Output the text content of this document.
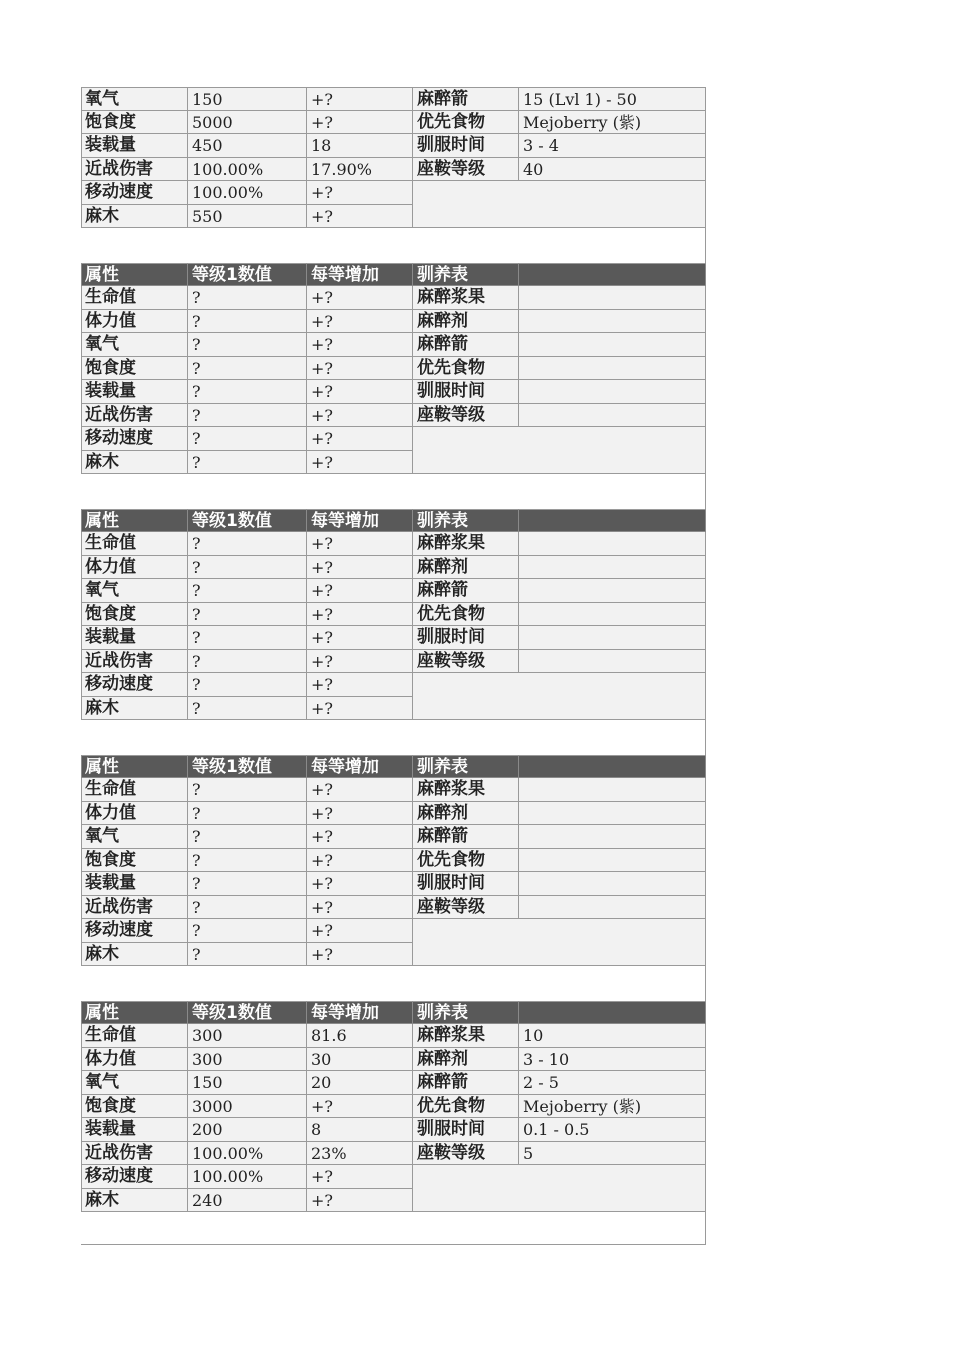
氧气	150	+?	麻醉箭	15 (Lvl 1) - 50
饱食度	5000	+?	优先食物	Mejoberry (紫)
装载量	450	18	驯服时间	3 - 4
近战伤害	100.00%	17.90%	座鞍等级	40
移动速度	100.00%	+?
麻木	550	+?
属性	等级1数值	每等增加	驯养表
生命值	?	+?	麻醉浆果
体力值	?	+?	麻醉剂
氧气	?	+?	麻醉箭
饱食度	?	+?	优先食物
装载量	?	+?	驯服时间
近战伤害	?	+?	座鞍等级
移动速度	?	+?
麻木	?	+?
属性	等级1数值	每等增加	驯养表
生命值	?	+?	麻醉浆果
体力值	?	+?	麻醉剂
氧气	?	+?	麻醉箭
饱食度	?	+?	优先食物
装载量	?	+?	驯服时间
近战伤害	?	+?	座鞍等级
移动速度	?	+?
麻木	?	+?
属性	等级1数值	每等增加	驯养表
生命值	?	+?	麻醉浆果
体力值	?	+?	麻醉剂
氧气	?	+?	麻醉箭
饱食度	?	+?	优先食物
装载量	?	+?	驯服时间
近战伤害	?	+?	座鞍等级
移动速度	?	+?
麻木	?	+?
属性	等级1数值	每等增加	驯养表
生命值	300	81.6	麻醉浆果	10
体力值	300	30	麻醉剂	3 - 10
氧气	150	20	麻醉箭	2 - 5
饱食度	3000	+?	优先食物	Mejoberry (紫)
装载量	200	8	驯服时间	0.1 - 0.5
近战伤害	100.00%	23%	座鞍等级	5
移动速度	100.00%	+?
麻木	240	+?
